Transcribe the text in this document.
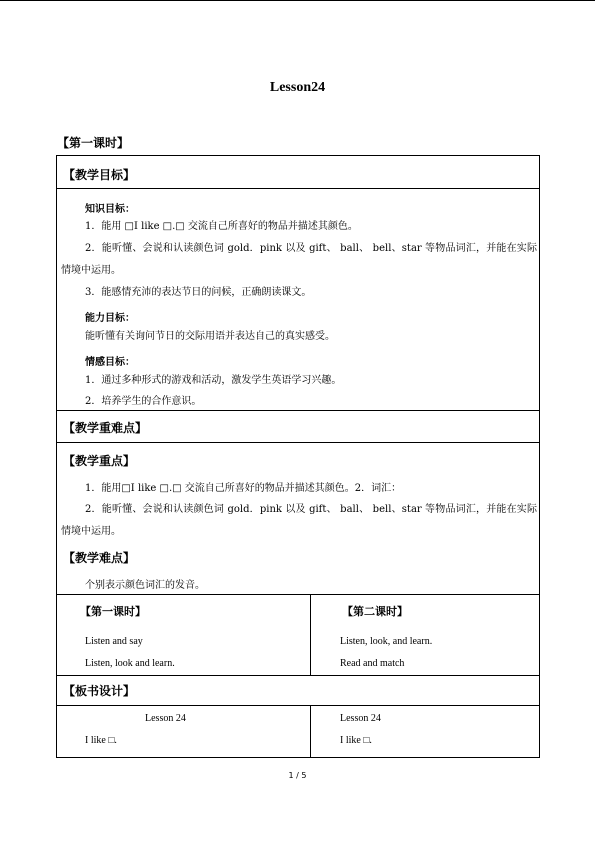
Lesson24
【第一课时】
【教学目标】
知识目标：
1．能用 □I like □.□ 交流自己所喜好的物品并描述其颜色。
2．能听懂、会说和认读颜色词 gold．pink 以及 gift、 ball、 bell、star 等物品词汇，并能在实际情境中运用。
3．能感情充沛的表达节日的问候，正确朗读课文。
能力目标：
能听懂有关询问节日的交际用语并表达自己的真实感受。
情感目标：
1．通过多种形式的游戏和活动，激发学生英语学习兴趣。
2．培养学生的合作意识。
【教学重难点】
【教学重点】
1．能用□I like □.□ 交流自己所喜好的物品并描述其颜色。2．词汇：
2．能听懂、会说和认读颜色词 gold．pink 以及 gift、 ball、 bell、star 等物品词汇，并能在实际情境中运用。
【教学难点】
个别表示颜色词汇的发音。
【第一课时】
Listen and say
Listen, look and learn.
【第二课时】
Listen, look, and learn.
Read and match
【板书设计】
Lesson 24
I like □.
Lesson 24
I like □.
1 / 5
